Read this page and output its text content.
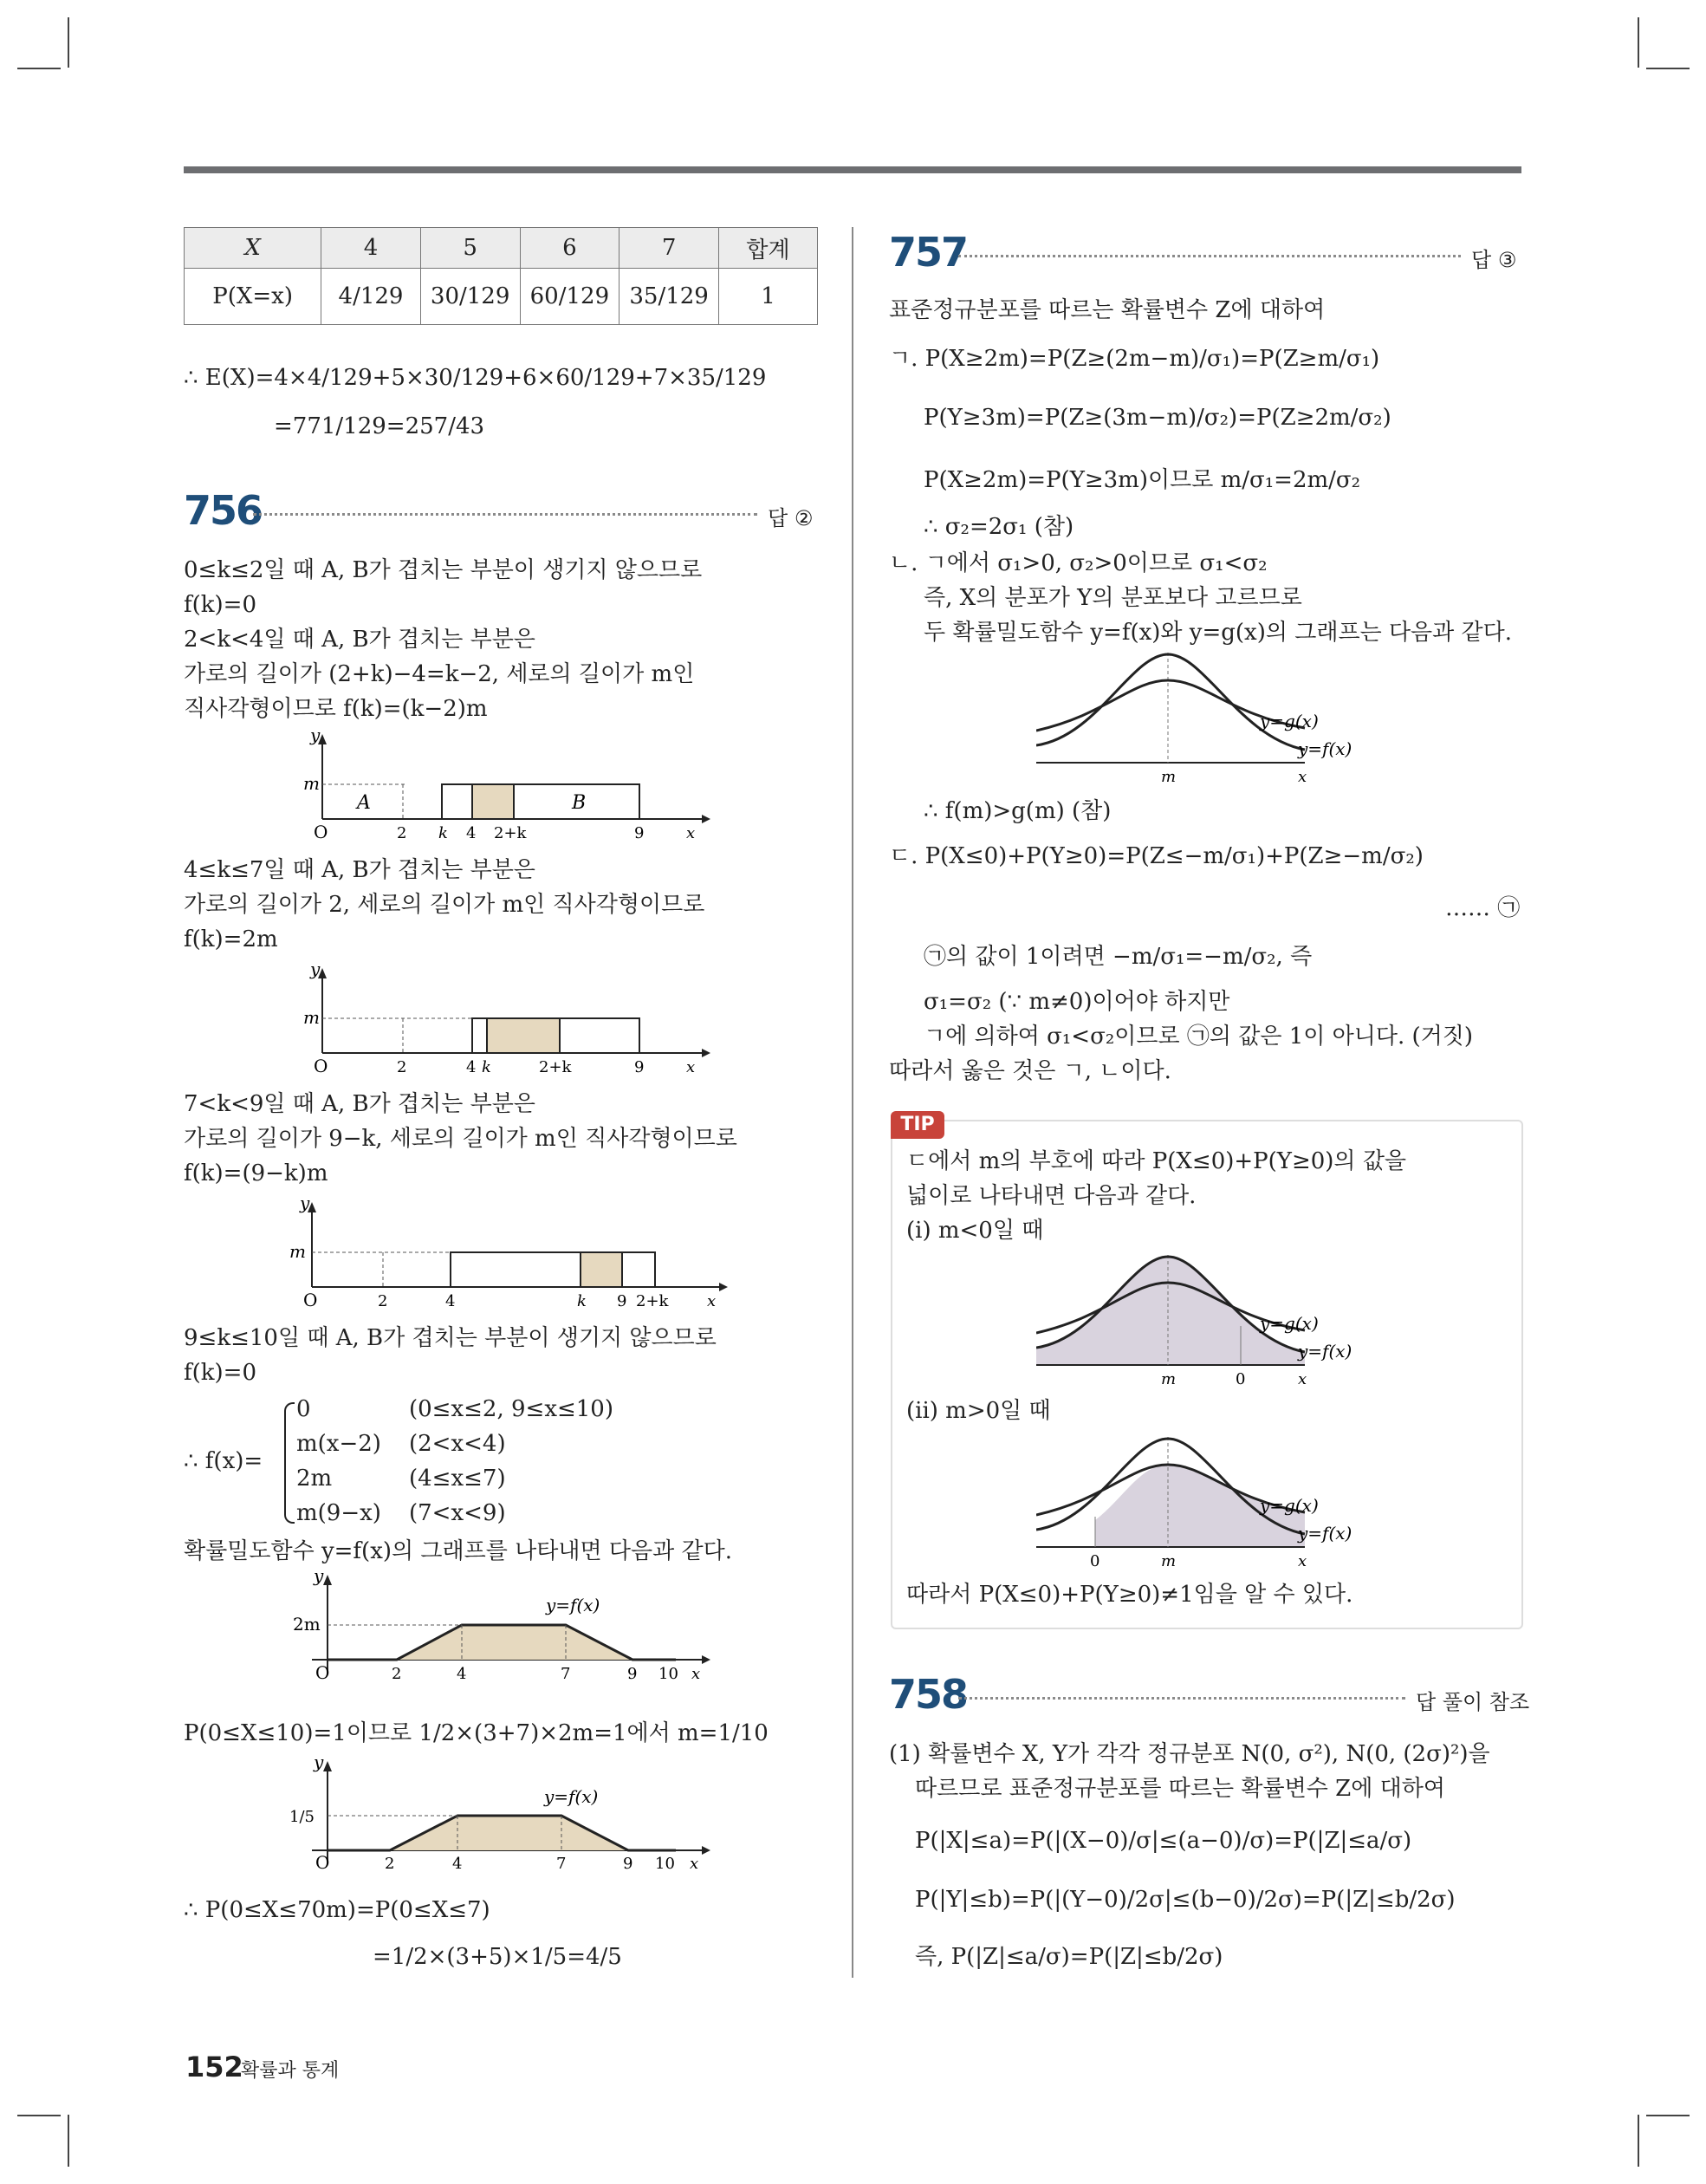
X	4	5	6	7	합계
P(X=x)	4/129	30/129	60/129	35/129	1
∴ E(X)=4×4/129+5×30/129+6×60/129+7×35/129
=771/129=257/43
756	답 ②
0≤k≤2일 때 A, B가 겹치는 부분이 생기지 않으므로
f(k)=0
2<k<4일 때 A, B가 겹치는 부분은
가로의 길이가 (2+k)−4=k−2, 세로의 길이가 m인
직사각형이므로 f(k)=(k−2)m
y
m
O
A	B
2 k 4 2+k	9	x
4≤k≤7일 때 A, B가 겹치는 부분은
가로의 길이가 2, 세로의 길이가 m인 직사각형이므로
f(k)=2m
y
m
O	2	4 k	2+k	9	x
7<k<9일 때 A, B가 겹치는 부분은
가로의 길이가 9−k, 세로의 길이가 m인 직사각형이므로
f(k)=(9−k)m
y
m
O	2	4	k 9 2+k x
9≤k≤10일 때 A, B가 겹치는 부분이 생기지 않으므로
f(k)=0
∴ f(x)=
0	(0≤x≤2, 9≤x≤10)
m(x−2) (2<x<4)
2m	(4≤x≤7)
m(9−x) (7<x<9)
확률밀도함수 y=f(x)의 그래프를 나타내면 다음과 같다.
y
2m
O	2	4	7	9 10 x
y=f(x)
P(0≤X≤10)=1이므로 1/2×(3+7)×2m=1에서 m=1/10
y
1/5
O	2	4	7	9 10 x
y=f(x)
∴ P(0≤X≤70m)=P(0≤X≤7)
=1/2×(3+5)×1/5=4/5
757	답 ③
표준정규분포를 따르는 확률변수 Z에 대하여
ㄱ. P(X≥2m)=P(Z≥(2m−m)/σ₁)=P(Z≥m/σ₁)
P(Y≥3m)=P(Z≥(3m−m)/σ₂)=P(Z≥2m/σ₂)
P(X≥2m)=P(Y≥3m)이므로 m/σ₁=2m/σ₂
∴ σ₂=2σ₁ (참)
ㄴ. ㄱ에서 σ₁>0, σ₂>0이므로 σ₁<σ₂
즉, X의 분포가 Y의 분포보다 고르므로
두 확률밀도함수 y=f(x)와 y=g(x)의 그래프는 다음과 같다.
y=g(x)
y=f(x)
m	x
∴ f(m)>g(m) (참)
ㄷ. P(X≤0)+P(Y≥0)=P(Z≤−m/σ₁)+P(Z≥−m/σ₂)
…… ㉠
㉠의 값이 1이려면 −m/σ₁=−m/σ₂, 즉
σ₁=σ₂ (∵ m≠0)이어야 하지만
ㄱ에 의하여 σ₁<σ₂이므로 ㉠의 값은 1이 아니다. (거짓)
따라서 옳은 것은 ㄱ, ㄴ이다.
TIP
ㄷ에서 m의 부호에 따라 P(X≤0)+P(Y≥0)의 값을
넓이로 나타내면 다음과 같다.
(i) m<0일 때
y=g(x)
y=f(x)
m	0	x
(ii) m>0일 때
y=g(x)
y=f(x)
0	m	x
따라서 P(X≤0)+P(Y≥0)≠1임을 알 수 있다.
758	답 풀이 참조
(1) 확률변수 X, Y가 각각 정규분포 N(0, σ²), N(0, (2σ)²)을
따르므로 표준정규분포를 따르는 확률변수 Z에 대하여
P(|X|≤a)=P(|(X−0)/σ|≤(a−0)/σ)=P(|Z|≤a/σ)
P(|Y|≤b)=P(|(Y−0)/2σ|≤(b−0)/2σ)=P(|Z|≤b/2σ)
즉, P(|Z|≤a/σ)=P(|Z|≤b/2σ)
152
확률과 통계
